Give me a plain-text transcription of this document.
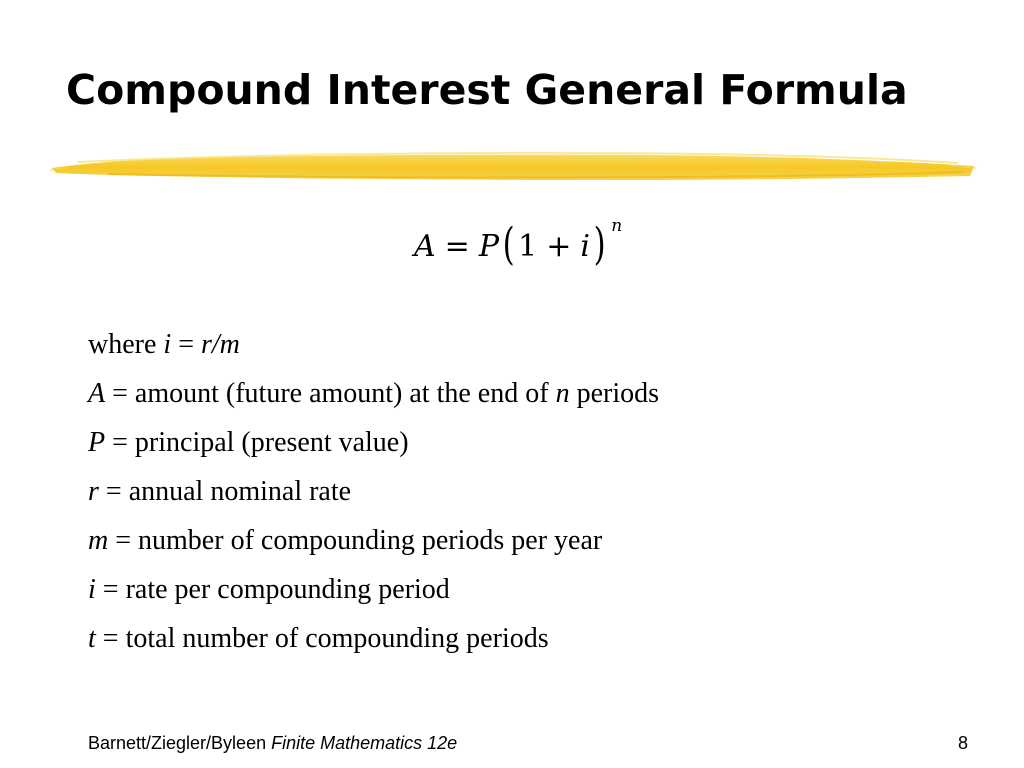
Compound Interest General Formula
A = P ( 1 + i ) n
where i = r/m
A = amount (future amount) at the end of n periods
P = principal (present value)
r = annual nominal rate
m = number of compounding periods per year
i = rate per compounding period
t = total number of compounding periods
Barnett/Ziegler/Byleen Finite Mathematics 12e	8
